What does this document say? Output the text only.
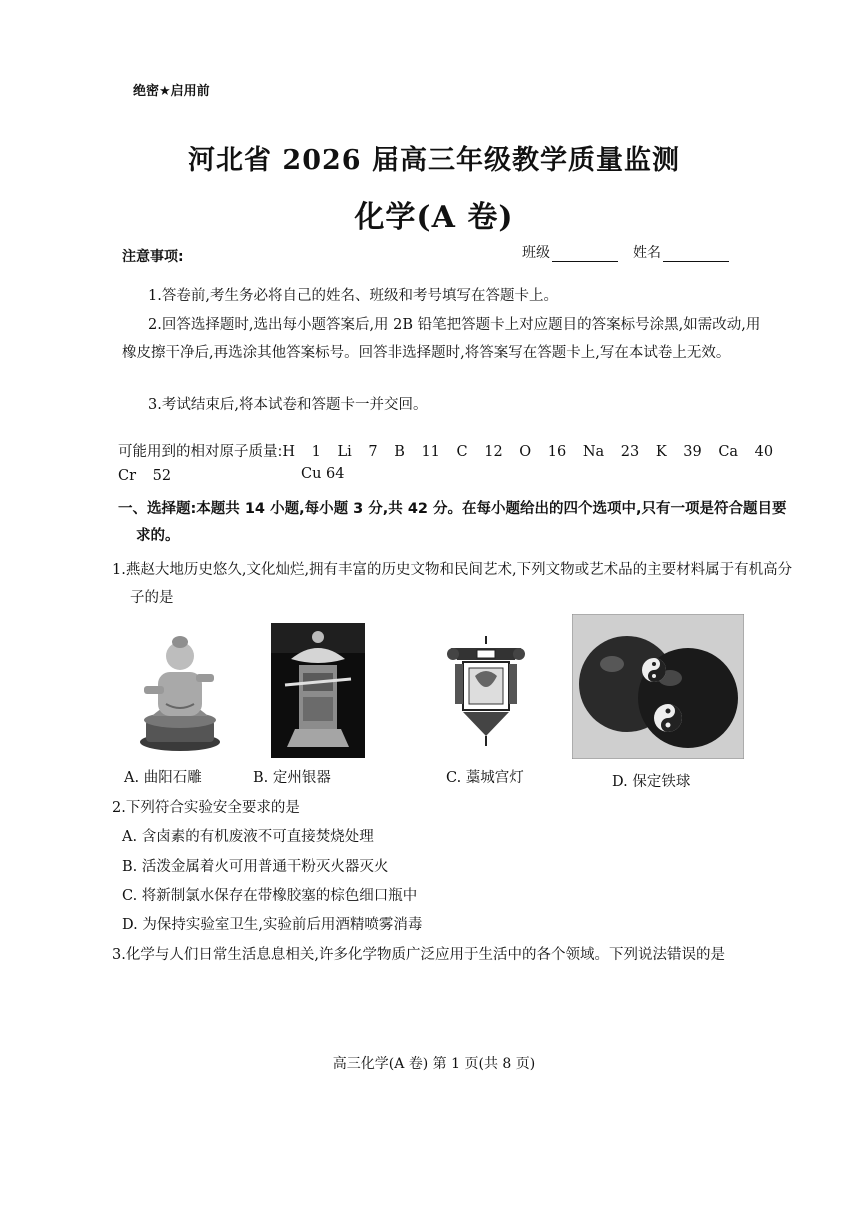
绝密★启用前
河北省 2026 届高三年级教学质量监测
化学(A 卷)
注意事项:	班级	姓名
1.答卷前,考生务必将自己的姓名、班级和考号填写在答题卡上。
2.回答选择题时,选出每小题答案后,用 2B 铅笔把答题卡上对应题目的答案标号涂黑,如需改动,用橡皮擦干净后,再选涂其他答案标号。回答非选择题时,将答案写在答题卡上,写在本试卷上无效。
3.考试结束后,将本试卷和答题卡一并交回。
可能用到的相对原子质量:H 1 Li 7 B 11 C 12 O 16 Na 23 K 39 Ca 40 Cr 52	Cu 64
一、选择题:本题共 14 小题,每小题 3 分,共 42 分。在每小题给出的四个选项中,只有一项是符合题目要求的。
1.燕赵大地历史悠久,文化灿烂,拥有丰富的历史文物和民间艺术,下列文物或艺术品的主要材料属于有机高分子的是
A. 曲阳石雕	B. 定州银器	C. 藁城宫灯	D. 保定铁球
2.下列符合实验安全要求的是
A. 含卤素的有机废液不可直接焚烧处理
B. 活泼金属着火可用普通干粉灭火器灭火
C. 将新制氯水保存在带橡胶塞的棕色细口瓶中
D. 为保持实验室卫生,实验前后用酒精喷雾消毒
3.化学与人们日常生活息息相关,许多化学物质广泛应用于生活中的各个领域。下列说法错误的是
高三化学(A 卷) 第 1 页(共 8 页)
